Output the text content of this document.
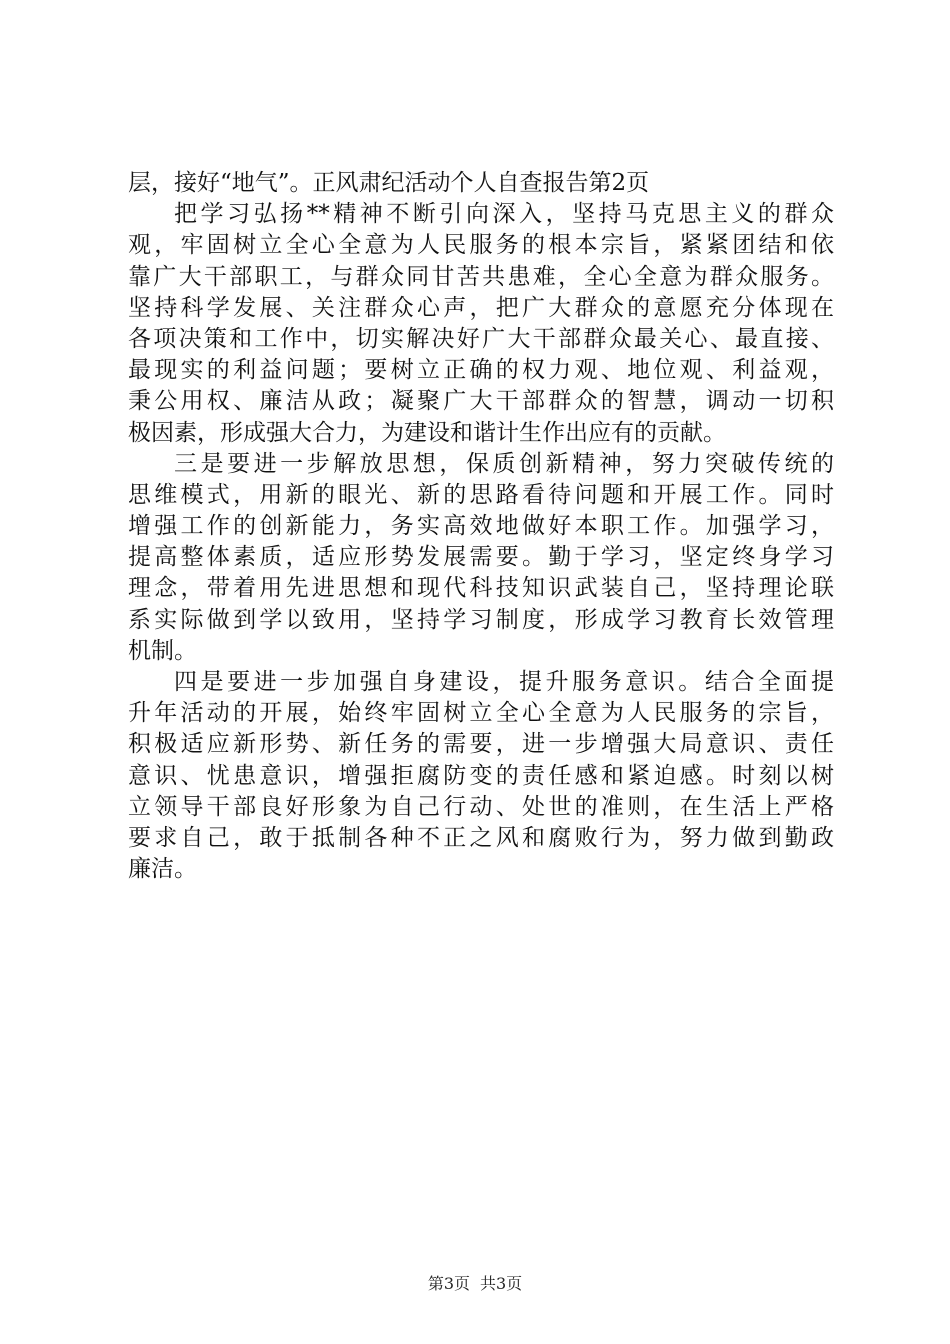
层，接好“地气”。正风肃纪活动个人自查报告第2页
把学习弘扬**精神不断引向深入，坚持马克思主义的群众
观，牢固树立全心全意为人民服务的根本宗旨，紧紧团结和依
靠广大干部职工，与群众同甘苦共患难，全心全意为群众服务。
坚持科学发展、关注群众心声，把广大群众的意愿充分体现在
各项决策和工作中，切实解决好广大干部群众最关心、最直接、
最现实的利益问题；要树立正确的权力观、地位观、利益观，
秉公用权、廉洁从政；凝聚广大干部群众的智慧，调动一切积
极因素，形成强大合力，为建设和谐计生作出应有的贡献。
三是要进一步解放思想，保质创新精神，努力突破传统的
思维模式，用新的眼光、新的思路看待问题和开展工作。同时
增强工作的创新能力，务实高效地做好本职工作。加强学习，
提高整体素质，适应形势发展需要。勤于学习，坚定终身学习
理念，带着用先进思想和现代科技知识武装自己，坚持理论联
系实际做到学以致用，坚持学习制度，形成学习教育长效管理
机制。
四是要进一步加强自身建设，提升服务意识。结合全面提
升年活动的开展，始终牢固树立全心全意为人民服务的宗旨，
积极适应新形势、新任务的需要，进一步增强大局意识、责任
意识、忧患意识，增强拒腐防变的责任感和紧迫感。时刻以树
立领导干部良好形象为自己行动、处世的准则，在生活上严格
要求自己，敢于抵制各种不正之风和腐败行为，努力做到勤政
廉洁。
第3页 共3页
